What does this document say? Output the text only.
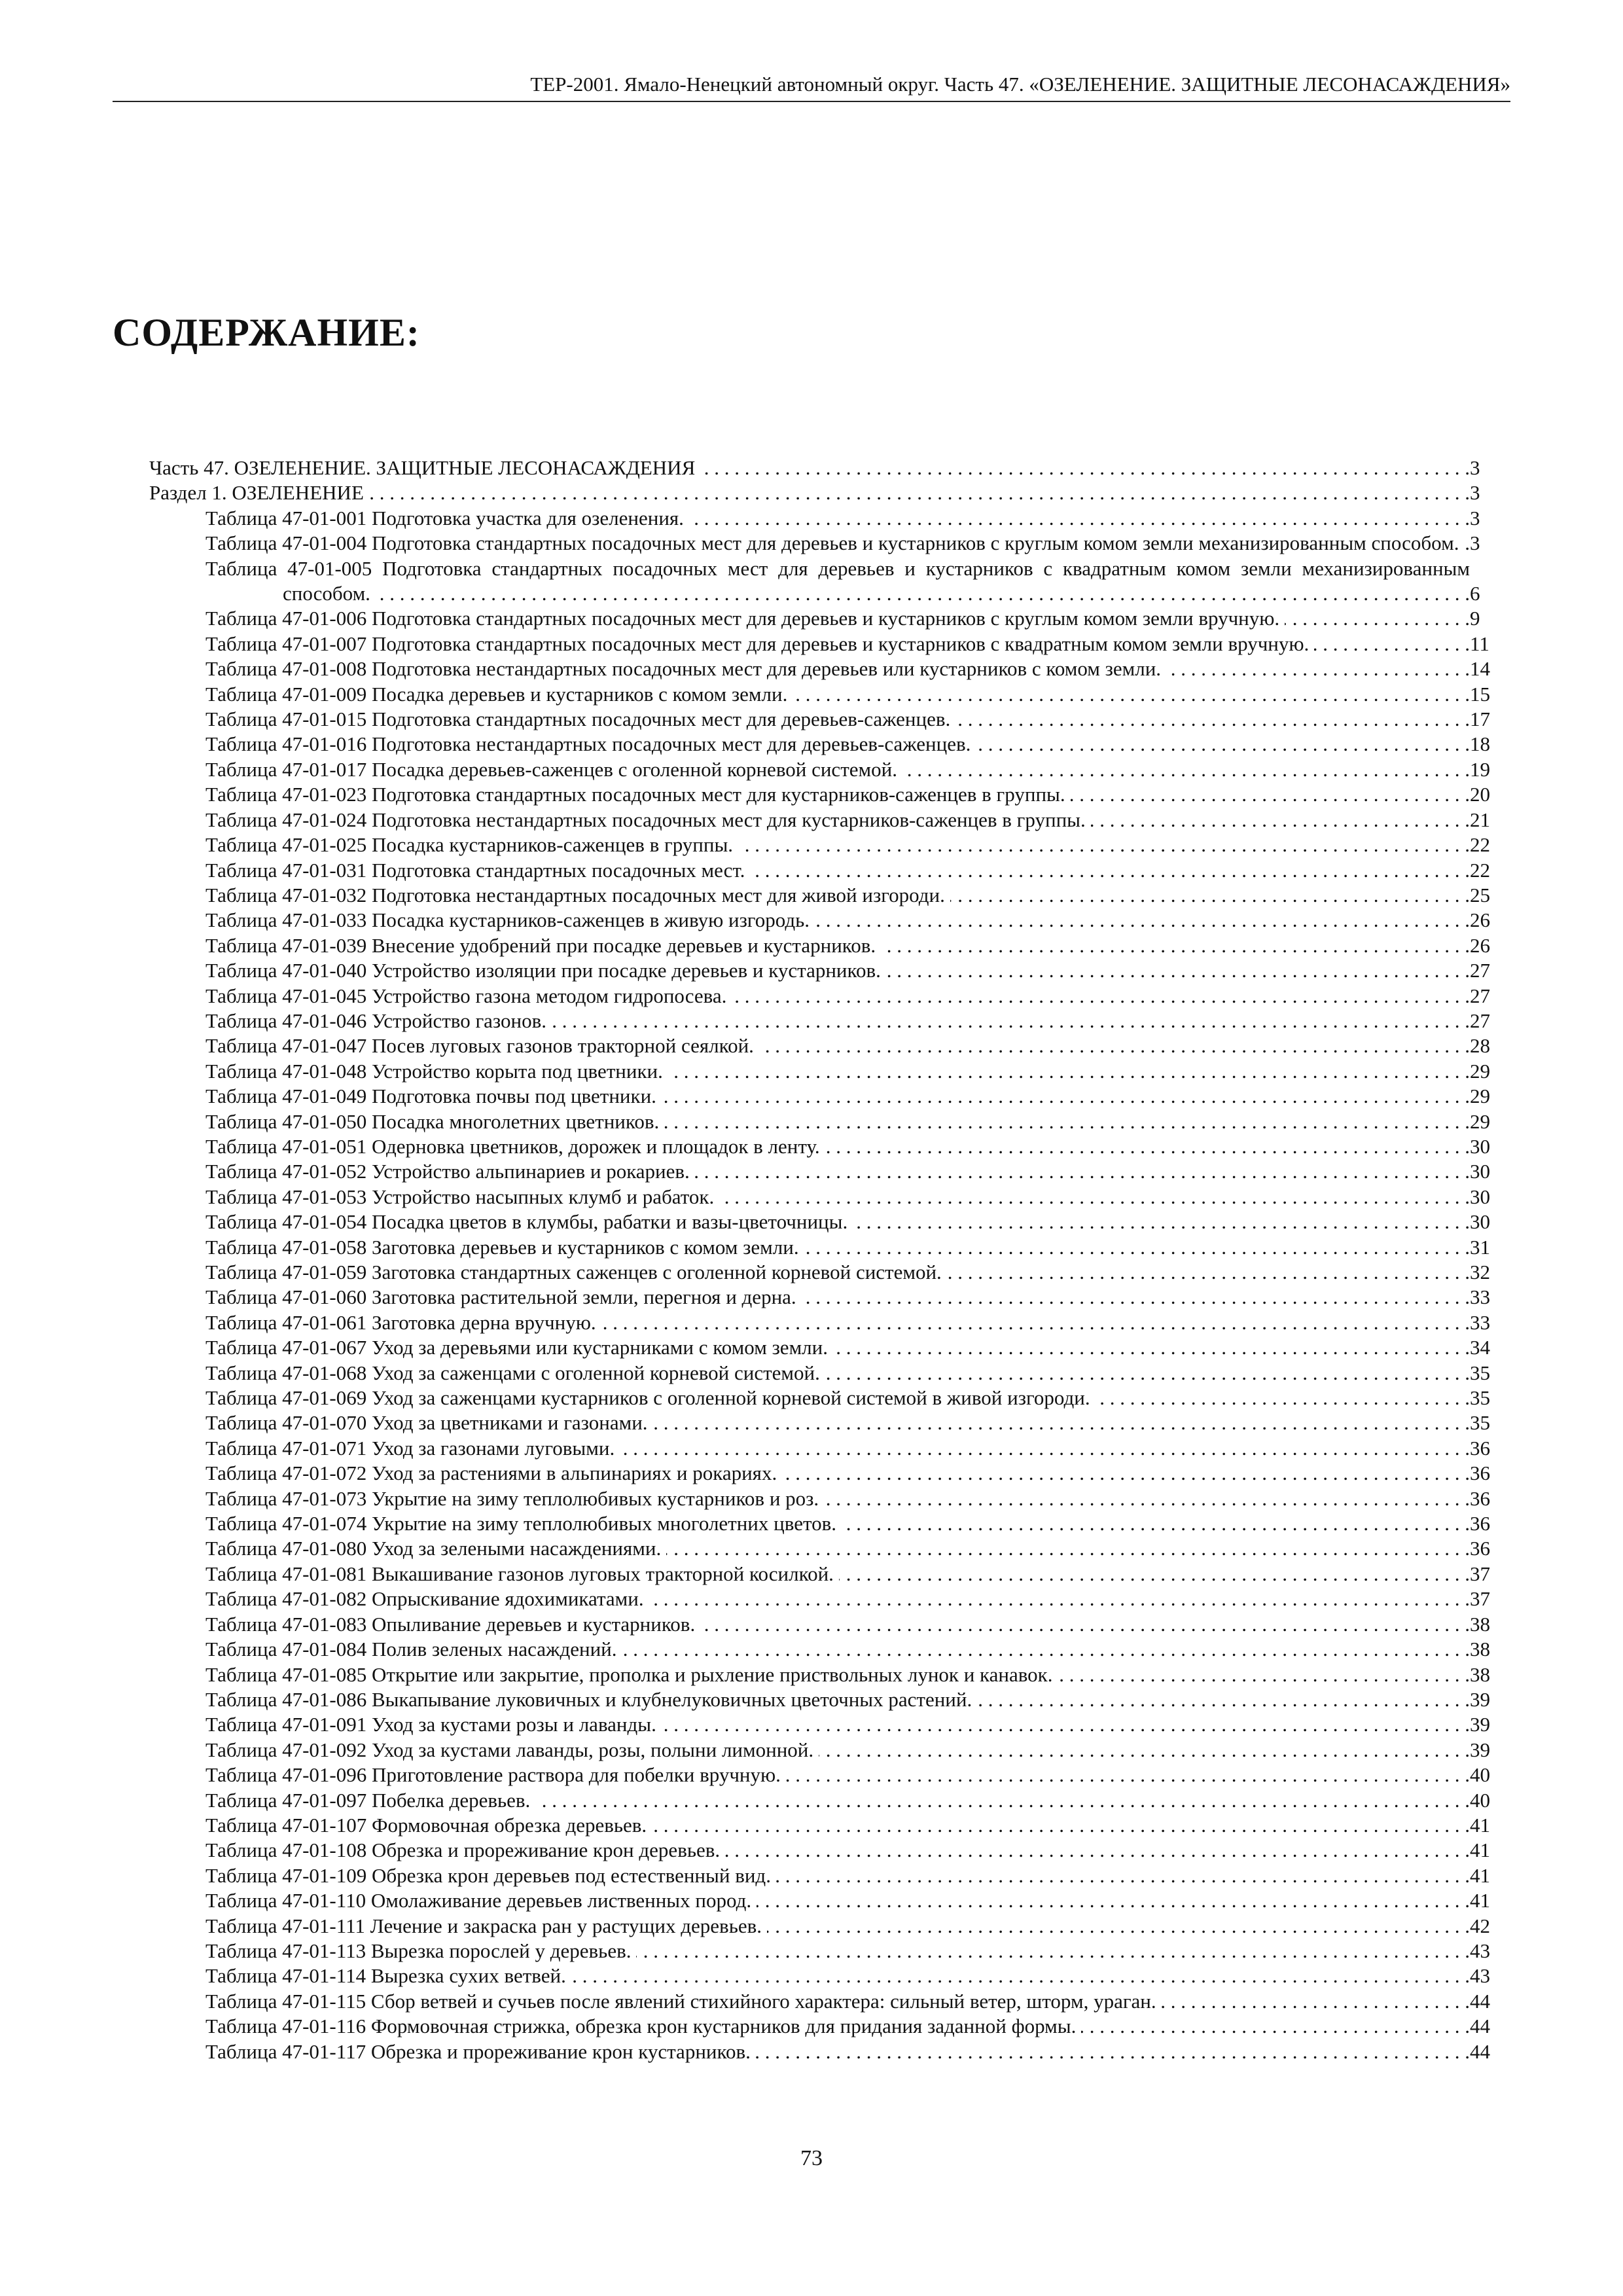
ТЕР-2001. Ямало-Ненецкий автономный округ. Часть 47. «ОЗЕЛЕНЕНИЕ. ЗАЩИТНЫЕ ЛЕСОНАСАЖДЕНИЯ»
СОДЕРЖАНИЕ:
Часть 47. ОЗЕЛЕНЕНИЕ. ЗАЩИТНЫЕ ЛЕСОНАСАЖДЕНИЯ	3
. . .
Раздел 1. ОЗЕЛЕНЕНИЕ	3
. . .
Таблица 47-01-001 Подготовка участка для озеленения.	3
. . .
Таблица 47-01-004 Подготовка стандартных посадочных мест для деревьев и кустарников с круглым комом земли механизированным способом. 3
. . .
Таблица 47-01-005 Подготовка стандартных посадочных мест для деревьев и кустарников с квадратным комом земли механизированным способом.	6
. . .
Таблица 47-01-006 Подготовка стандартных посадочных мест для деревьев и кустарников с круглым комом земли вручную.	9
. . .
Таблица 47-01-007 Подготовка стандартных посадочных мест для деревьев и кустарников с квадратным комом земли вручную.	11
. . .
Таблица 47-01-008 Подготовка нестандартных посадочных мест для деревьев или кустарников с комом земли.	14
. . .
Таблица 47-01-009 Посадка деревьев и кустарников с комом земли.	15
. . .
Таблица 47-01-015 Подготовка стандартных посадочных мест для деревьев-саженцев.	17
. . .
Таблица 47-01-016 Подготовка нестандартных посадочных мест для деревьев-саженцев.	18
. . .
Таблица 47-01-017 Посадка деревьев-саженцев с оголенной корневой системой.	19
. . .
Таблица 47-01-023 Подготовка стандартных посадочных мест для кустарников-саженцев в группы.	20
. . .
Таблица 47-01-024 Подготовка нестандартных посадочных мест для кустарников-саженцев в группы.	21
. . .
Таблица 47-01-025 Посадка кустарников-саженцев в группы.	22
. . .
Таблица 47-01-031 Подготовка стандартных посадочных мест.	22
. . .
Таблица 47-01-032 Подготовка нестандартных посадочных мест для живой изгороди.	25
. . .
Таблица 47-01-033 Посадка кустарников-саженцев в живую изгородь.	26
. . .
Таблица 47-01-039 Внесение удобрений при посадке деревьев и кустарников.	26
. . .
Таблица 47-01-040 Устройство изоляции при посадке деревьев и кустарников.	27
. . .
Таблица 47-01-045 Устройство газона методом гидропосева.	27
. . .
Таблица 47-01-046 Устройство газонов.	27
. . .
Таблица 47-01-047 Посев луговых газонов тракторной сеялкой.	28
. . .
Таблица 47-01-048 Устройство корыта под цветники.	29
. . .
Таблица 47-01-049 Подготовка почвы под цветники.	29
. . .
Таблица 47-01-050 Посадка многолетних цветников.	29
. . .
Таблица 47-01-051 Одерновка цветников, дорожек и площадок в ленту.	30
. . .
Таблица 47-01-052 Устройство альпинариев и рокариев.	30
. . .
Таблица 47-01-053 Устройство насыпных клумб и рабаток.	30
. . .
Таблица 47-01-054 Посадка цветов в клумбы, рабатки и вазы-цветочницы.	30
. . .
Таблица 47-01-058 Заготовка деревьев и кустарников с комом земли.	31
. . .
Таблица 47-01-059 Заготовка стандартных саженцев с оголенной корневой системой.	32
. . .
Таблица 47-01-060 Заготовка растительной земли, перегноя и дерна.	33
. . .
Таблица 47-01-061 Заготовка дерна вручную.	33
. . .
Таблица 47-01-067 Уход за деревьями или кустарниками с комом земли.	34
. . .
Таблица 47-01-068 Уход за саженцами с оголенной корневой системой.	35
. . .
Таблица 47-01-069 Уход за саженцами кустарников с оголенной корневой системой в живой изгороди.	35
. . .
Таблица 47-01-070 Уход за цветниками и газонами.	35
. . .
Таблица 47-01-071 Уход за газонами луговыми.	36
. . .
Таблица 47-01-072 Уход за растениями в альпинариях и рокариях.	36
. . .
Таблица 47-01-073 Укрытие на зиму теплолюбивых кустарников и роз.	36
. . .
Таблица 47-01-074 Укрытие на зиму теплолюбивых многолетних цветов.	36
. . .
Таблица 47-01-080 Уход за зелеными насаждениями.	36
. . .
Таблица 47-01-081 Выкашивание газонов луговых тракторной косилкой.	37
. . .
Таблица 47-01-082 Опрыскивание ядохимикатами.	37
. . .
Таблица 47-01-083 Опыливание деревьев и кустарников.	38
. . .
Таблица 47-01-084 Полив зеленых насаждений.	38
. . .
Таблица 47-01-085 Открытие или закрытие, прополка и рыхление приствольных лунок и канавок.	38
. . .
Таблица 47-01-086 Выкапывание луковичных и клубнелуковичных цветочных растений.	39
. . .
Таблица 47-01-091 Уход за кустами розы и лаванды.	39
. . .
Таблица 47-01-092 Уход за кустами лаванды, розы, полыни лимонной.	39
. . .
Таблица 47-01-096 Приготовление раствора для побелки вручную.	40
. . .
Таблица 47-01-097 Побелка деревьев.	40
. . .
Таблица 47-01-107 Формовочная обрезка деревьев.	41
. . .
Таблица 47-01-108 Обрезка и прореживание крон деревьев.	41
. . .
Таблица 47-01-109 Обрезка крон деревьев под естественный вид.	41
. . .
Таблица 47-01-110 Омолаживание деревьев лиственных пород.	41
. . .
Таблица 47-01-111 Лечение и закраска ран у растущих деревьев.	42
. . .
Таблица 47-01-113 Вырезка порослей у деревьев.	43
. . .
Таблица 47-01-114 Вырезка сухих ветвей.	43
. . .
Таблица 47-01-115 Сбор ветвей и сучьев после явлений стихийного характера: сильный ветер, шторм, ураган.	44
. . .
Таблица 47-01-116 Формовочная стрижка, обрезка крон кустарников для придания заданной формы.	44
. . .
Таблица 47-01-117 Обрезка и прореживание крон кустарников.	44
. . .
73
